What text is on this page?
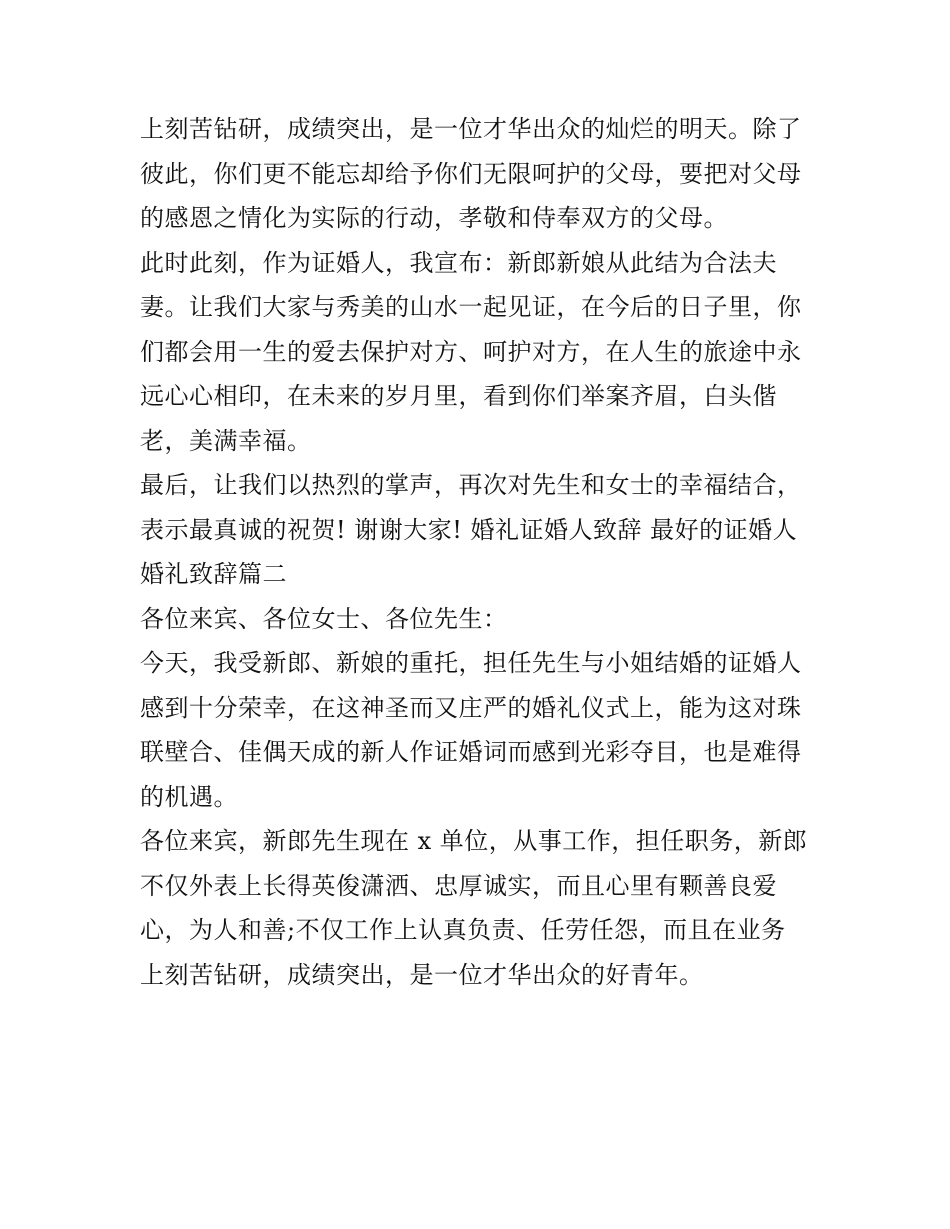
上刻苦钻研，成绩突出，是一位才华出众的灿烂的明天。除了
彼此，你们更不能忘却给予你们无限呵护的父母，要把对父母
的感恩之情化为实际的行动，孝敬和侍奉双方的父母。

此时此刻，作为证婚人，我宣布：新郎新娘从此结为合法夫
妻。让我们大家与秀美的山水一起见证，在今后的日子里，你
们都会用一生的爱去保护对方、呵护对方，在人生的旅途中永
远心心相印，在未来的岁月里，看到你们举案齐眉，白头偕
老，美满幸福。

最后，让我们以热烈的掌声，再次对先生和女士的幸福结合，
表示最真诚的祝贺! 谢谢大家! 婚礼证婚人致辞 最好的证婚人
婚礼致辞篇二

各位来宾、各位女士、各位先生：

今天，我受新郎、新娘的重托，担任先生与小姐结婚的证婚人
感到十分荣幸，在这神圣而又庄严的婚礼仪式上，能为这对珠
联壁合、佳偶天成的新人作证婚词而感到光彩夺目，也是难得
的机遇。

各位来宾，新郎先生现在 x 单位，从事工作，担任职务，新郎
不仅外表上长得英俊潇洒、忠厚诚实，而且心里有颗善良爱
心，为人和善;不仅工作上认真负责、任劳任怨，而且在业务
上刻苦钻研，成绩突出，是一位才华出众的好青年。
